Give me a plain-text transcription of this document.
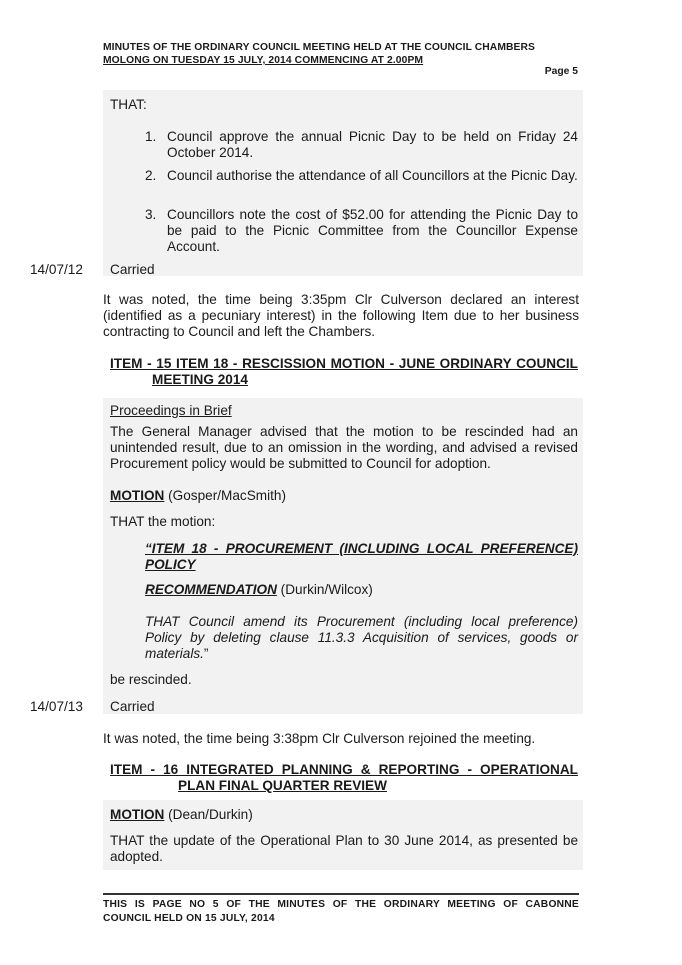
MINUTES OF THE ORDINARY COUNCIL MEETING HELD AT THE COUNCIL CHAMBERS
MOLONG ON TUESDAY 15 JULY, 2014 COMMENCING AT 2.00PM
Page 5
THAT:
1. Council approve the annual Picnic Day to be held on Friday 24 October 2014.
2. Council authorise the attendance of all Councillors at the Picnic Day.
3. Councillors note the cost of $52.00 for attending the Picnic Day to be paid to the Picnic Committee from the Councillor Expense Account.
14/07/12 Carried
It was noted, the time being 3:35pm Clr Culverson declared an interest (identified as a pecuniary interest) in the following Item due to her business contracting to Council and left the Chambers.
ITEM - 15 ITEM 18 - RESCISSION MOTION - JUNE ORDINARY COUNCIL
MEETING 2014
Proceedings in Brief
The General Manager advised that the motion to be rescinded had an unintended result, due to an omission in the wording, and advised a revised Procurement policy would be submitted to Council for adoption.
MOTION (Gosper/MacSmith)
THAT the motion:
“ITEM 18 - PROCUREMENT (INCLUDING LOCAL PREFERENCE)
POLICY
RECOMMENDATION (Durkin/Wilcox)
THAT Council amend its Procurement (including local preference) Policy by deleting clause 11.3.3 Acquisition of services, goods or materials.”
be rescinded.
14/07/13 Carried
It was noted, the time being 3:38pm Clr Culverson rejoined the meeting.
ITEM - 16 INTEGRATED PLANNING & REPORTING - OPERATIONAL
PLAN FINAL QUARTER REVIEW
MOTION (Dean/Durkin)
THAT the update of the Operational Plan to 30 June 2014, as presented be adopted.
THIS IS PAGE NO 5 OF THE MINUTES OF THE ORDINARY MEETING OF CABONNE
COUNCIL HELD ON 15 JULY, 2014
